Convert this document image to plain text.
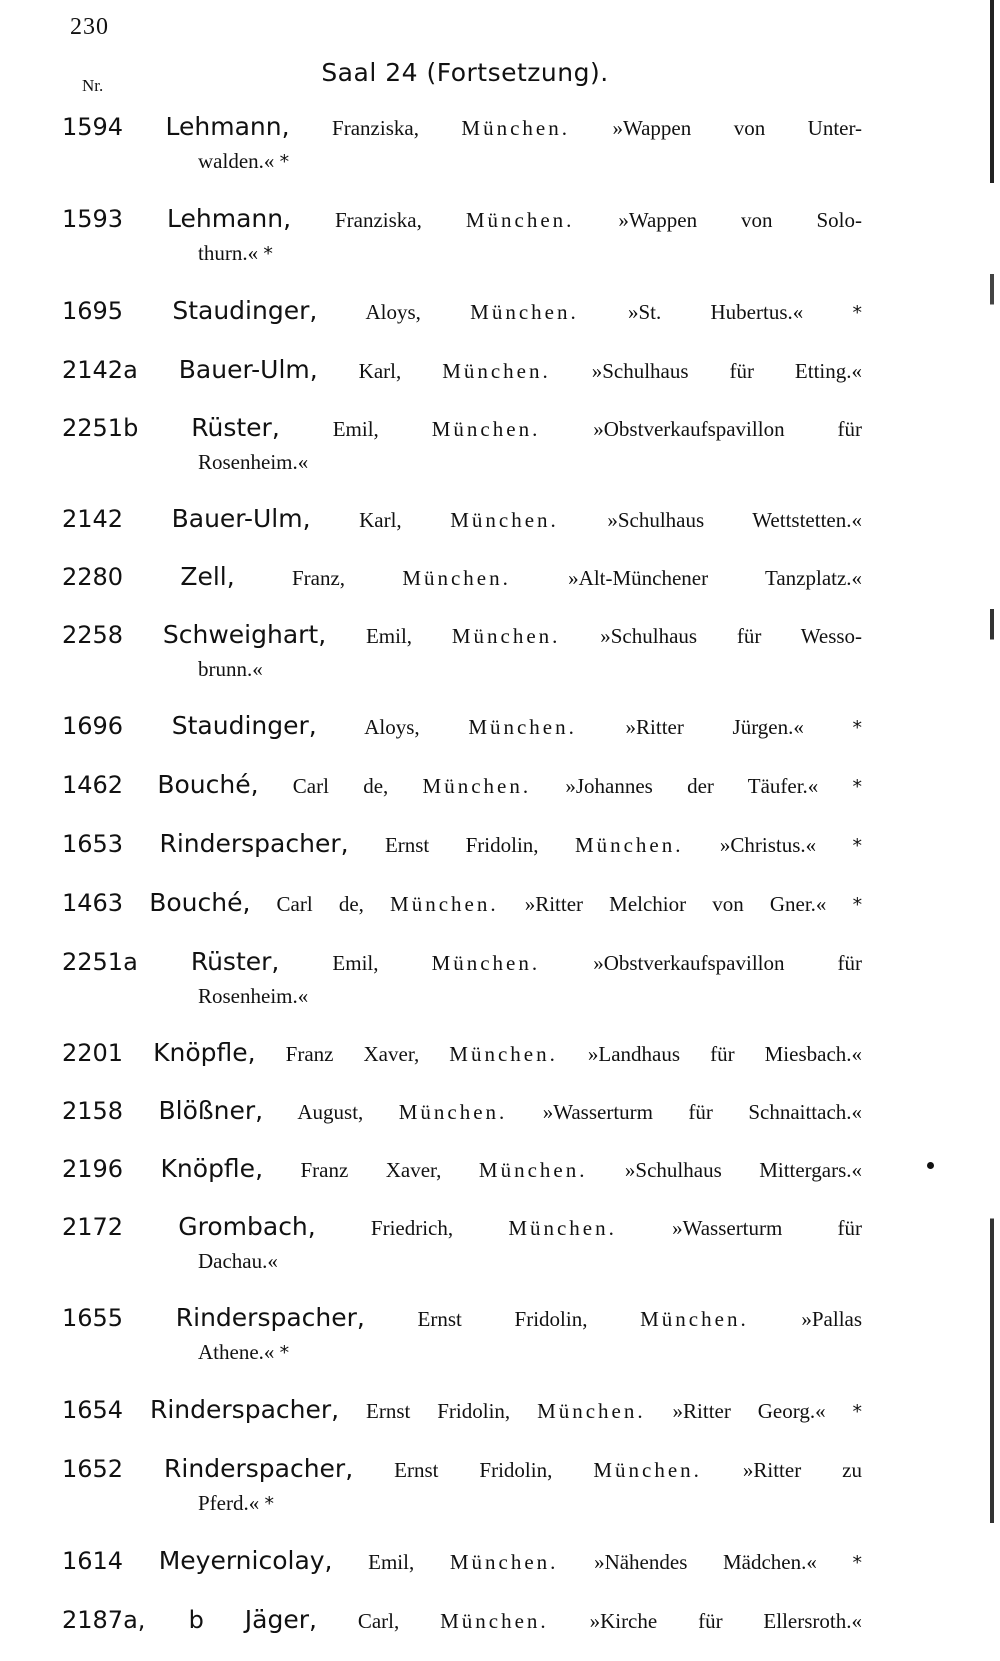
230
Saal 24 (Fortsetzung).
Nr.
1594 Lehmann, Franziska, München. »Wappen von Unter-
walden.« *
1593 Lehmann, Franziska, München. »Wappen von Solo-
thurn.« *
1695 Staudinger, Aloys, München. »St. Hubertus.«	*
2142a Bauer-Ulm, Karl, München. »Schulhaus für Etting.«
2251b Rüster,	Emil,	München.	»Obstverkaufspavillon für
Rosenheim.«
2142 Bauer-Ulm, Karl, München. »Schulhaus Wettstetten.«
2280 Zell,	Franz,	München.	»Alt-Münchener Tanzplatz.«
2258 Schweighart, Emil, München. »Schulhaus für Wesso-
brunn.«
1696 Staudinger, Aloys, München. »Ritter Jürgen.«	*
1462 Bouché, Carl de, München. »Johannes der Täufer.« *
1653 Rinderspacher, Ernst Fridolin, München. »Christus.« *
1463 Bouché, Carl de, München. »Ritter Melchior von Gner.« *
2251a Rüster,	Emil,	München.	»Obstverkaufspavillon für
Rosenheim.«
2201 Knöpfle, Franz Xaver, München. »Landhaus für Miesbach.«
2158 Blößner, August, München. »Wasserturm für Schnaittach.«
2196 Knöpfle, Franz Xaver, München. »Schulhaus Mittergars.«
2172 Grombach,	Friedrich,	München.	»Wasserturm für
Dachau.«
1655 Rinderspacher,	Ernst Fridolin,	München.	»Pallas
Athene.« *
1654 Rinderspacher, Ernst Fridolin, München. »Ritter Georg.« *
1652 Rinderspacher, Ernst Fridolin, München. »Ritter zu
Pferd.« *
1614 Meyernicolay, Emil, München. »Nähendes Mädchen.« *
2187a, b Jäger, Carl, München. »Kirche für Ellersroth.«
